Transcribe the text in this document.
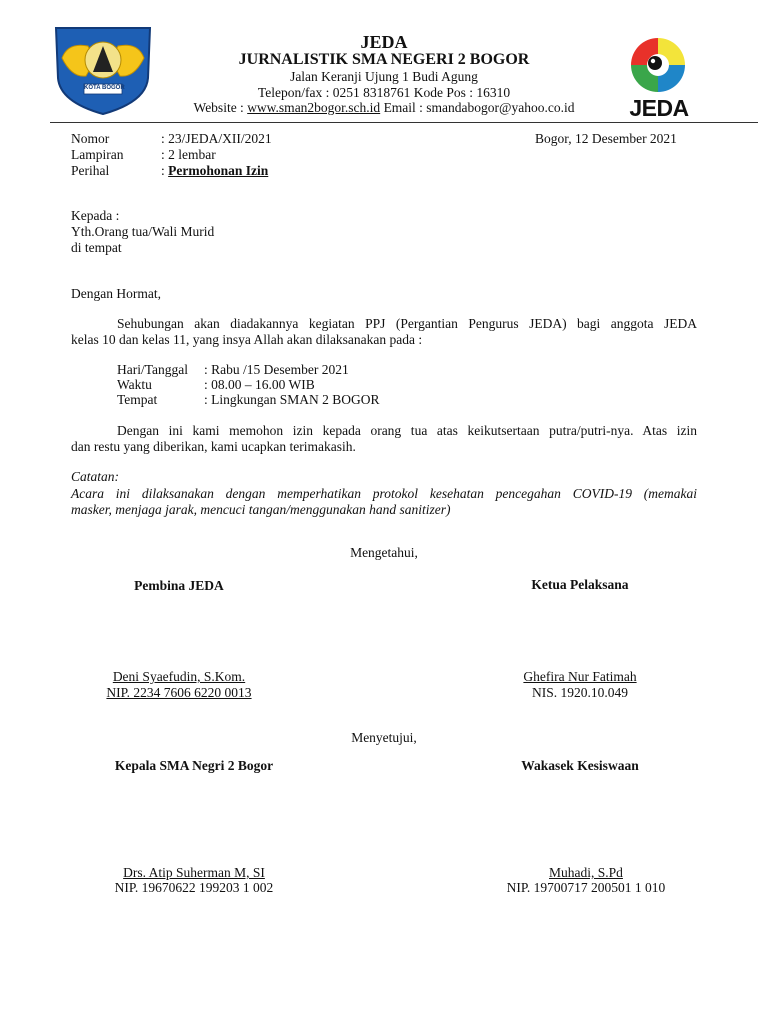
KOTA BOGOR
JEDA
JURNALISTIK SMA NEGERI 2 BOGOR
Jalan Keranji Ujung 1 Budi Agung
Telepon/fax : 0251 8318761 Kode Pos : 16310
Website : www.sman2bogor.sch.id Email : smandabogor@yahoo.co.id	JEDA
Nomor	: 23/JEDA/XII/2021	Bogor, 12 Desember 2021
Lampiran	: 2 lembar
Perihal	: Permohonan Izin
Kepada :
Yth.Orang tua/Wali Murid
di tempat
Dengan Hormat,
Sehubungan akan diadakannya kegiatan PPJ (Pergantian Pengurus JEDA) bagi anggota JEDA
kelas 10 dan kelas 11, yang insya Allah akan dilaksanakan pada :
Hari/Tanggal : Rabu /15 Desember 2021
Waktu	: 08.00 – 16.00 WIB
Tempat	: Lingkungan SMAN 2 BOGOR
Dengan ini kami memohon izin kepada orang tua atas keikutsertaan putra/putri-nya. Atas izin
dan restu yang diberikan, kami ucapkan terimakasih.
Catatan:
Acara ini dilaksanakan dengan memperhatikan protokol kesehatan pencegahan COVID-19 (memakai
masker, menjaga jarak, mencuci tangan/menggunakan hand sanitizer)
Mengetahui,
Pembina JEDA	Ketua Pelaksana
Deni Syaefudin, S.Kom.
NIP. 2234 7606 6220 0013
Ghefira Nur Fatimah
NIS. 1920.10.049
Menyetujui,
Kepala SMA Negri 2 Bogor	Wakasek Kesiswaan
Drs. Atip Suherman M, SI
NIP. 19670622 199203 1 002
Muhadi, S.Pd
NIP. 19700717 200501 1 010
